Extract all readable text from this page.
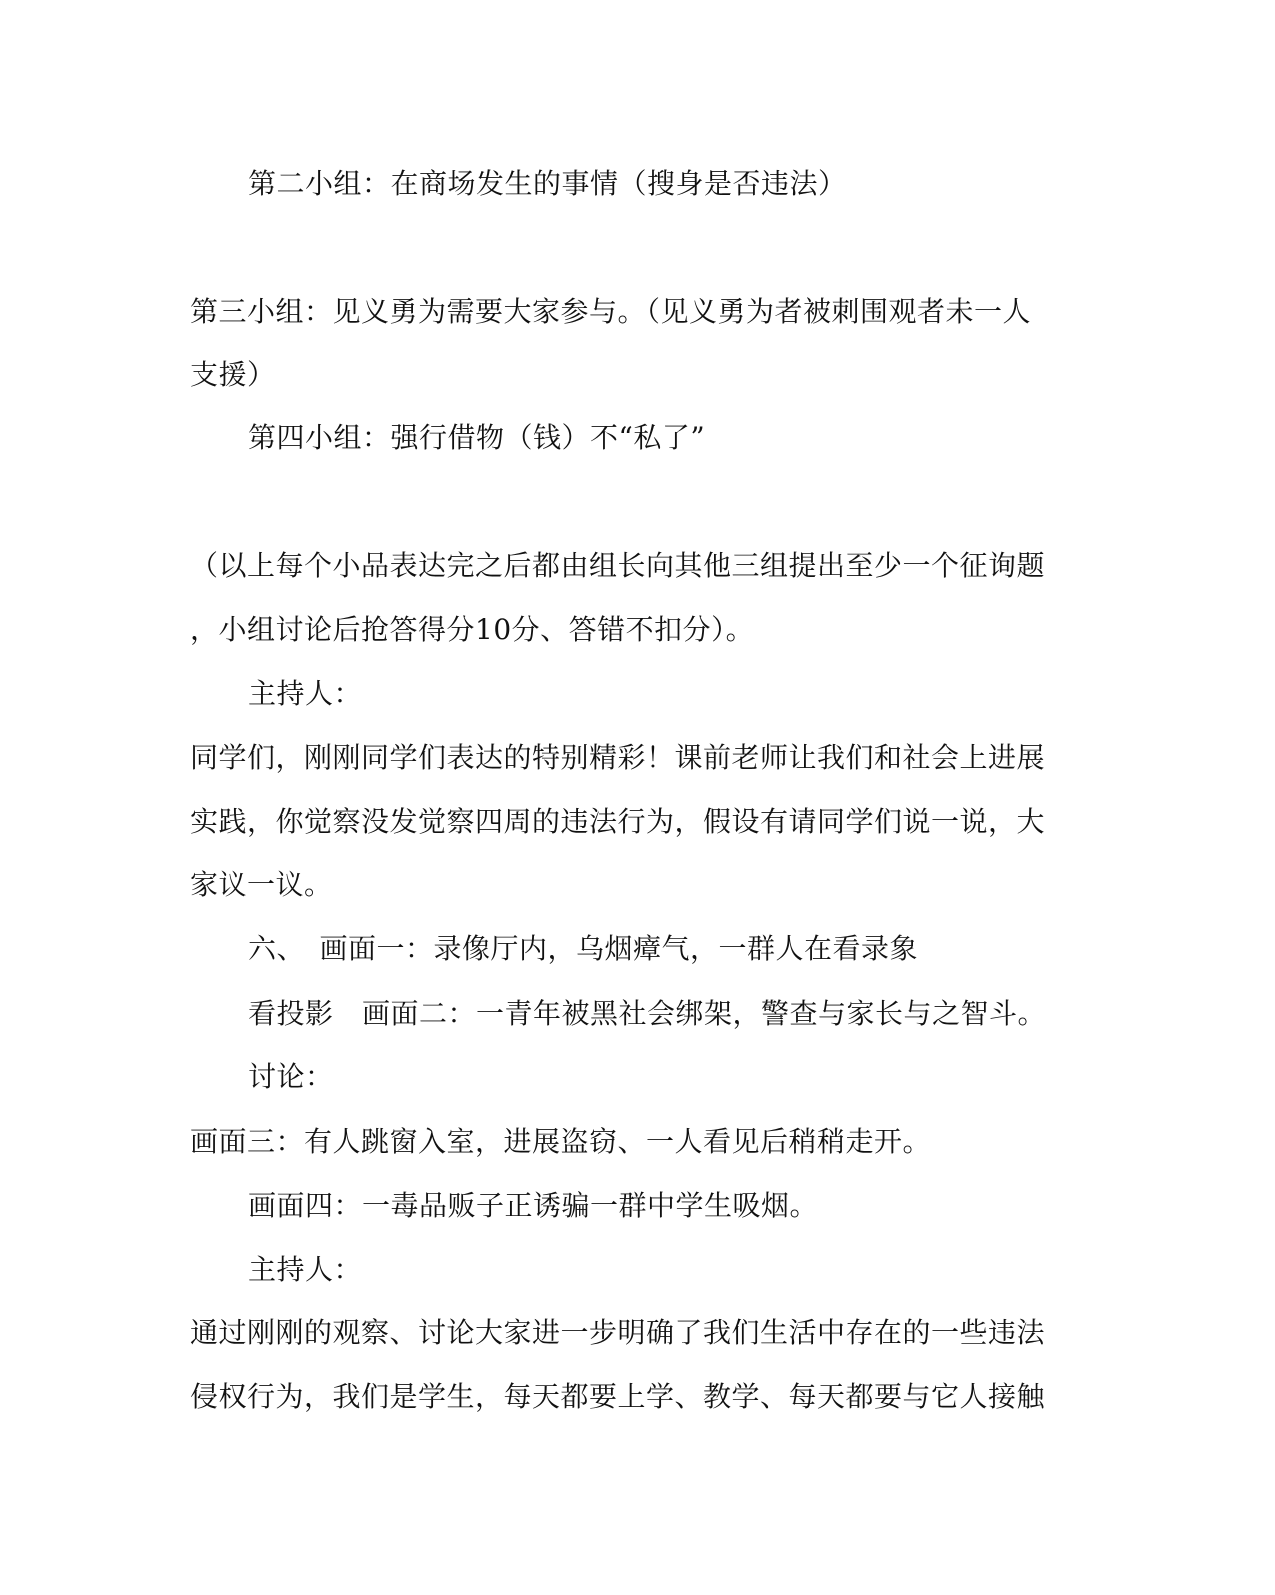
第二小组：在商场发生的事情（搜身是否违法）
第三小组：见义勇为需要大家参与。（见义勇为者被刺围观者未一人
支援）
第四小组：强行借物（钱）不“私了”
（以上每个小品表达完之后都由组长向其他三组提出至少一个征询题
，小组讨论后抢答得分10分、答错不扣分）。
主持人：
同学们，刚刚同学们表达的特别精彩！课前老师让我们和社会上进展
实践，你觉察没发觉察四周的违法行为，假设有请同学们说一说，大
家议一议。
六、　画面一：录像厅内，乌烟瘴气，一群人在看录象
看投影　画面二：一青年被黑社会绑架，警查与家长与之智斗。
讨论：
画面三：有人跳窗入室，进展盗窃、一人看见后稍稍走开。
画面四：一毒品贩子正诱骗一群中学生吸烟。
主持人：
通过刚刚的观察、讨论大家进一步明确了我们生活中存在的一些违法
侵权行为，我们是学生，每天都要上学、教学、每天都要与它人接触
